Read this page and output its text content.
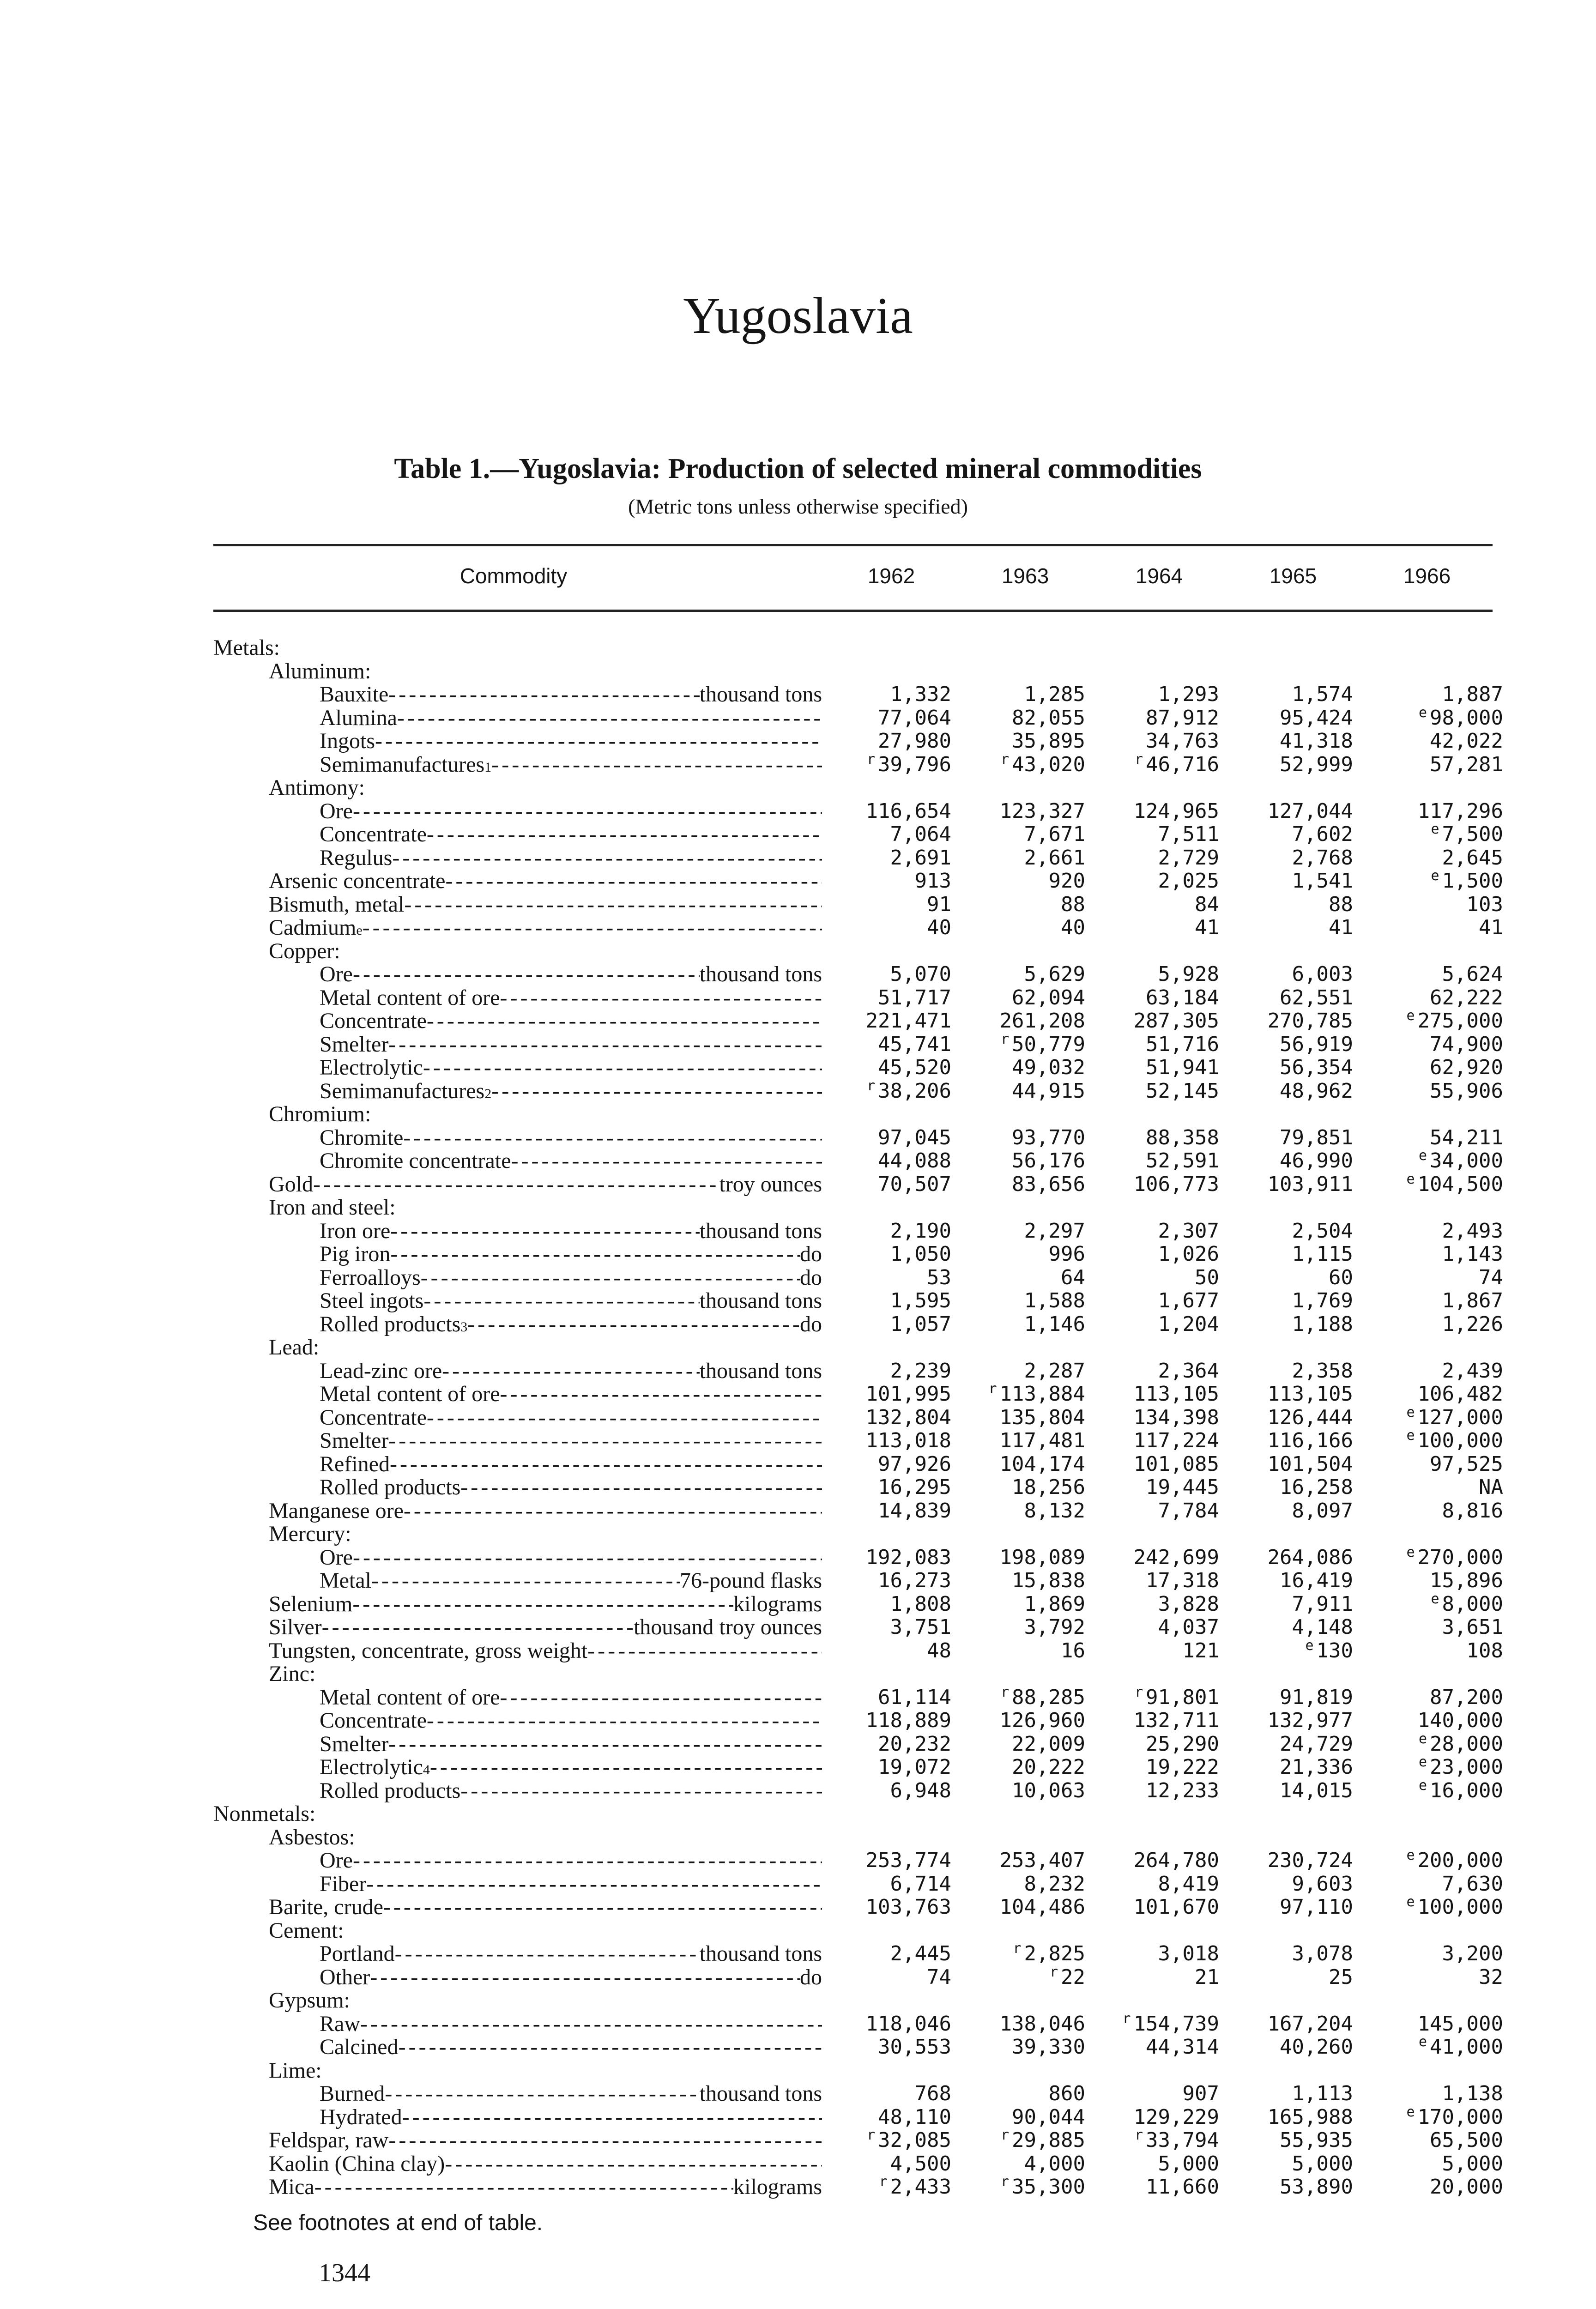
Yugoslavia
Table 1.—Yugoslavia: Production of selected mineral commodities
(Metric tons unless otherwise specified)
Commodity	1962	1963	1964	1965	1966
Metals:
Aluminum:
Bauxite -----	thousand tons	1,332	1,285	1,293	1,574	1,887
Alumina -----	77,064	82,055	87,912	95,424	$^e$ 98,000
Ingots -----	27,980	35,895	34,763	41,318	42,022
Semimanufactures 1 -----	$^r$ 39,796	$^r$ 43,020	$^r$ 46,716	52,999	57,281
Antimony:
Ore -----	116,654	123,327	124,965	127,044	117,296
Concentrate -----	7,064	7,671	7,511	7,602	$^e$ 7,500
Regulus -----	2,691	2,661	2,729	2,768	2,645
Arsenic concentrate -----	913	920	2,025	1,541	$^e$ 1,500
Bismuth, metal -----	91	88	84	88	103
Cadmium e -----	40	40	41	41	41
Copper:
Ore -----	thousand tons	5,070	5,629	5,928	6,003	5,624
Metal content of ore -----	51,717	62,094	63,184	62,551	62,222
Concentrate -----	221,471	261,208	287,305	270,785	$^e$ 275,000
Smelter -----	45,741	$^r$ 50,779	51,716	56,919	74,900
Electrolytic -----	45,520	49,032	51,941	56,354	62,920
Semimanufactures 2 -----	$^r$ 38,206	44,915	52,145	48,962	55,906
Chromium:
Chromite -----	97,045	93,770	88,358	79,851	54,211
Chromite concentrate -----	44,088	56,176	52,591	46,990	$^e$ 34,000
Gold -----	troy ounces	70,507	83,656	106,773	103,911	$^e$ 104,500
Iron and steel:
Iron ore -----	thousand tons	2,190	2,297	2,307	2,504	2,493
Pig iron -----	do	1,050	996	1,026	1,115	1,143
Ferroalloys -----	do	53	64	50	60	74
Steel ingots -----	thousand tons	1,595	1,588	1,677	1,769	1,867
Rolled products 3 -----	do	1,057	1,146	1,204	1,188	1,226
Lead:
Lead-zinc ore -----	thousand tons	2,239	2,287	2,364	2,358	2,439
Metal content of ore -----	101,995	$^r$ 113,884	113,105	113,105	106,482
Concentrate -----	132,804	135,804	134,398	126,444	$^e$ 127,000
Smelter -----	113,018	117,481	117,224	116,166	$^e$ 100,000
Refined -----	97,926	104,174	101,085	101,504	97,525
Rolled products -----	16,295	18,256	19,445	16,258	NA
Manganese ore -----	14,839	8,132	7,784	8,097	8,816
Mercury:
Ore -----	192,083	198,089	242,699	264,086	$^e$ 270,000
Metal -----	76-pound flasks	16,273	15,838	17,318	16,419	15,896
Selenium -----	kilograms	1,808	1,869	3,828	7,911	$^e$ 8,000
Silver -----	thousand troy ounces	3,751	3,792	4,037	4,148	3,651
Tungsten, concentrate, gross weight -----	48	16	121	$^e$ 130	108
Zinc:
Metal content of ore -----	61,114	$^r$ 88,285	$^r$ 91,801	91,819	87,200
Concentrate -----	118,889	126,960	132,711	132,977	140,000
Smelter -----	20,232	22,009	25,290	24,729	$^e$ 28,000
Electrolytic 4 -----	19,072	20,222	19,222	21,336	$^e$ 23,000
Rolled products -----	6,948	10,063	12,233	14,015	$^e$ 16,000
Nonmetals:
Asbestos:
Ore -----	253,774	253,407	264,780	230,724	$^e$ 200,000
Fiber -----	6,714	8,232	8,419	9,603	7,630
Barite, crude -----	103,763	104,486	101,670	97,110	$^e$ 100,000
Cement:
Portland -----	thousand tons	2,445	$^r$ 2,825	3,018	3,078	3,200
Other -----	do	74	$^r$ 22	21	25	32
Gypsum:
Raw -----	118,046	138,046	$^r$ 154,739	167,204	145,000
Calcined -----	30,553	39,330	44,314	40,260	$^e$ 41,000
Lime:
Burned -----	thousand tons	768	860	907	1,113	1,138
Hydrated -----	48,110	90,044	129,229	165,988	$^e$ 170,000
Feldspar, raw -----	$^r$ 32,085	$^r$ 29,885	$^r$ 33,794	55,935	65,500
Kaolin (China clay) -----	4,500	4,000	5,000	5,000	5,000
Mica -----	kilograms	$^r$ 2,433	$^r$ 35,300	11,660	53,890	20,000
See footnotes at end of table.
1344
